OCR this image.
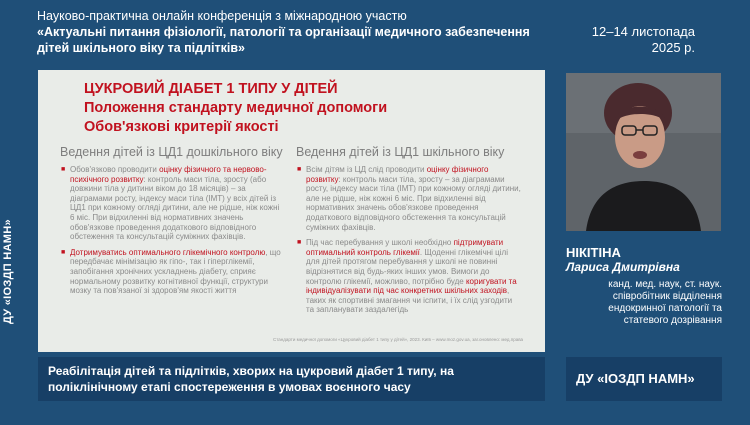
ДУ «ІОЗДП НАМН»
Науково-практична онлайн конференція з міжнародною участю
«Актуальні питання фізіології, патології та організації медичного забезпечення
дітей шкільного віку та підлітків»
12–14 листопада
2025 р.
ЦУКРОВИЙ ДІАБЕТ 1 ТИПУ У ДІТЕЙ
Положення стандарту медичної допомоги
Обов'язкові критерії якості
Ведення дітей із ЦД1 дошкільного віку
■ Обов'язково проводити оцінку фізичного та нервово-психічного розвитку: контроль маси тіла, зросту (або довжини тіла у дитини віком до 18 місяців) – за діаграмами росту, індексу маси тіла (ІМТ) у всіх дітей із ЦД1 при кожному огляді дитини, але не рідше, ніж кожні 6 міс. При відхиленні від нормативних значень обов'язкове проведення додаткового відповідного обстеження та консультацій суміжних фахівців.
■ Дотримуватись оптимального глікемічного контролю, що передбачає мінімізацію як гіпо-, так і гіперглікемії, запобігання хронічних ускладнень діабету, сприяє нормальному розвитку когнітивної функції, структури мозку та пов'язаної зі здоров'ям якості життя
Ведення дітей із ЦД1 шкільного віку
■ Всім дітям із ЦД слід проводити оцінку фізичного розвитку: контроль маси тіла, зросту – за діаграмами росту, індексу маси тіла (ІМТ) при кожному огляді дитини, але не рідше, ніж кожні 6 міс. При відхиленні від нормативних значень обов'язкове проведення додаткового відповідного обстеження та консультацій суміжних фахівців.
■ Під час перебування у школі необхідно підтримувати оптимальний контроль глікемії. Щоденні глікемічні цілі для дітей протягом перебування у школі не повинні відрізнятися від будь-яких інших умов. Вимоги до контролю глікемії, можливо, потрібно буде коригувати та індивідуалізувати під час конкретних шкільних заходів, таких як спортивні змагання чи іспити, і їх слід узгодити та запланувати заздалегідь
Стандарти медичної допомоги «Цукровий діабет 1 типу у дітей», 2023. Київ – www.moz.gov.ua, заг.оновлено: мед.права
НІКІТІНА
Лариса Дмитрівна
канд. мед. наук, ст. наук. співробітник відділення ендокринної патології та статевого дозрівання
Реабілітація дітей та підлітків, хворих на цукровий діабет 1 типу, на поліклінічному етапі спостереження в умовах воєнного часу
ДУ «ІОЗДП НАМН»
